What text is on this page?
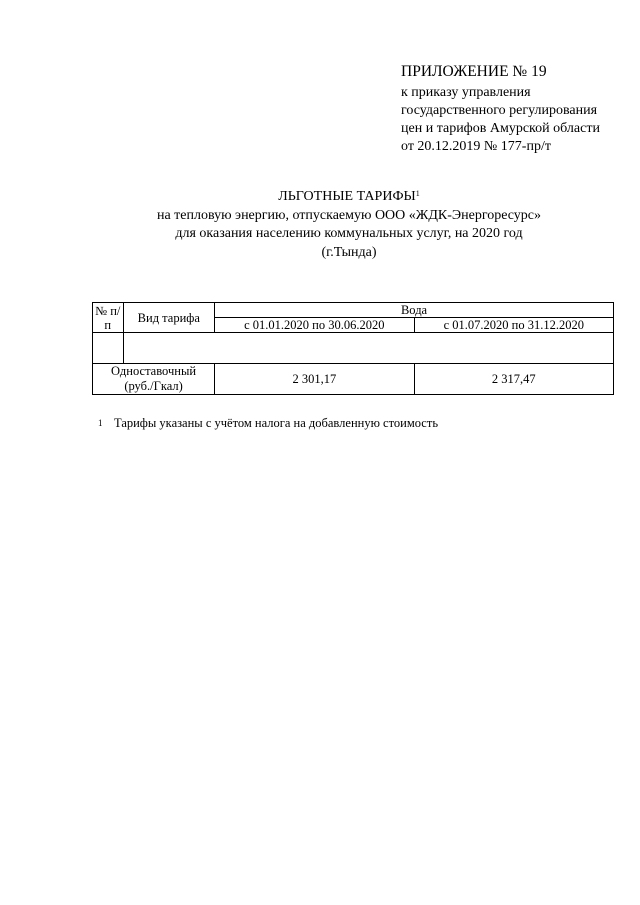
ПРИЛОЖЕНИЕ № 19
к приказу управления
государственного регулирования
цен и тарифов Амурской области
от 20.12.2019 № 177-пр/т
ЛЬГОТНЫЕ ТАРИФЫ$^1$
на тепловую энергию, отпускаемую ООО «ЖДК-Энергоресурс»
для оказания населению коммунальных услуг, на 2020 год
(г.Тында)
№ п/п	Вид тарифа	Вода	
		с 01.01.2020 по 30.06.2020	с 01.07.2020 по 31.12.2020

Одноставочный (руб./Гкал)		2 301,17	2 317,47
1 Тарифы указаны с учётом налога на добавленную стоимость
